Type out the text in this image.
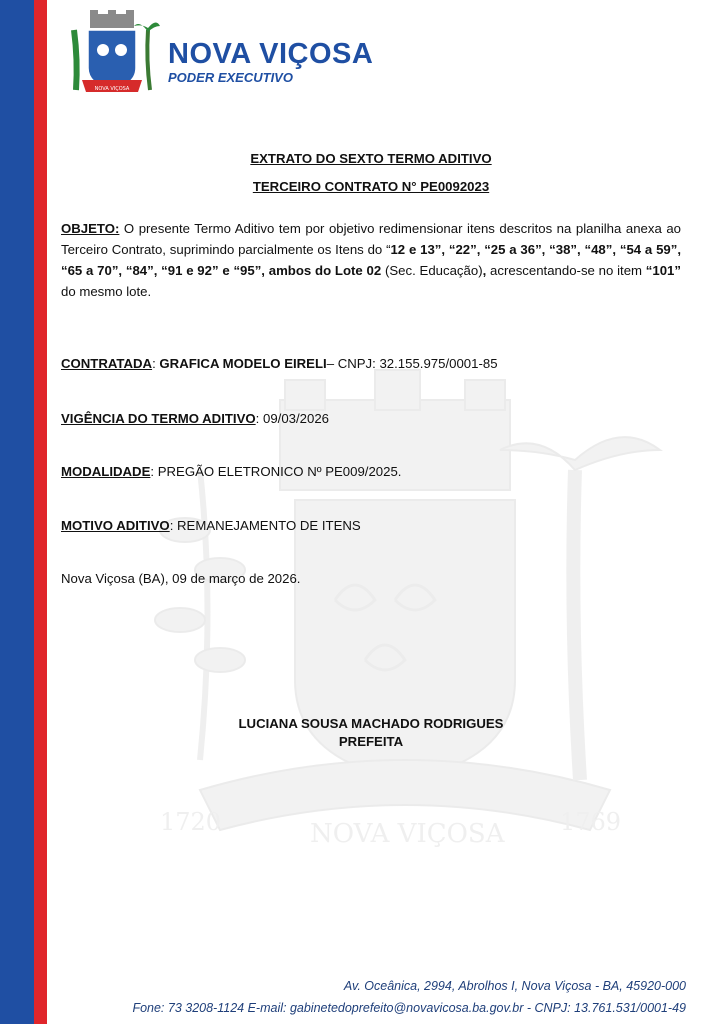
1720	NOVA VIÇOSA 1769
NOVA VIÇOSA
NOVA VIÇOSA
PODER EXECUTIVO
EXTRATO DO SEXTO TERMO ADITIVO
TERCEIRO CONTRATO N° PE0092023

OBJETO: O presente Termo Aditivo tem por objetivo redimensionar itens descritos na planilha anexa ao Terceiro Contrato, suprimindo parcialmente os Itens do “12 e 13”, “22”, “25 a 36”, “38”, “48”, “54 a 59”, “65 a 70”, “84”, “91 e 92” e “95”, ambos do Lote 02 (Sec. Educação), acrescentando-se no item “101” do mesmo lote.

CONTRATADA: GRAFICA MODELO EIRELI– CNPJ: 32.155.975/0001-85
VIGÊNCIA DO TERMO ADITIVO: 09/03/2026
MODALIDADE: PREGÃO ELETRONICO Nº PE009/2025.
MOTIVO ADITIVO: REMANEJAMENTO DE ITENS
Nova Viçosa (BA), 09 de março de 2026.
LUCIANA SOUSA MACHADO RODRIGUES
PREFEITA
Av. Oceânica, 2994, Abrolhos I, Nova Viçosa - BA, 45920-000
Fone: 73 3208-1124 E-mail: gabinetedoprefeito@novavicosa.ba.gov.br - CNPJ: 13.761.531/0001-49
